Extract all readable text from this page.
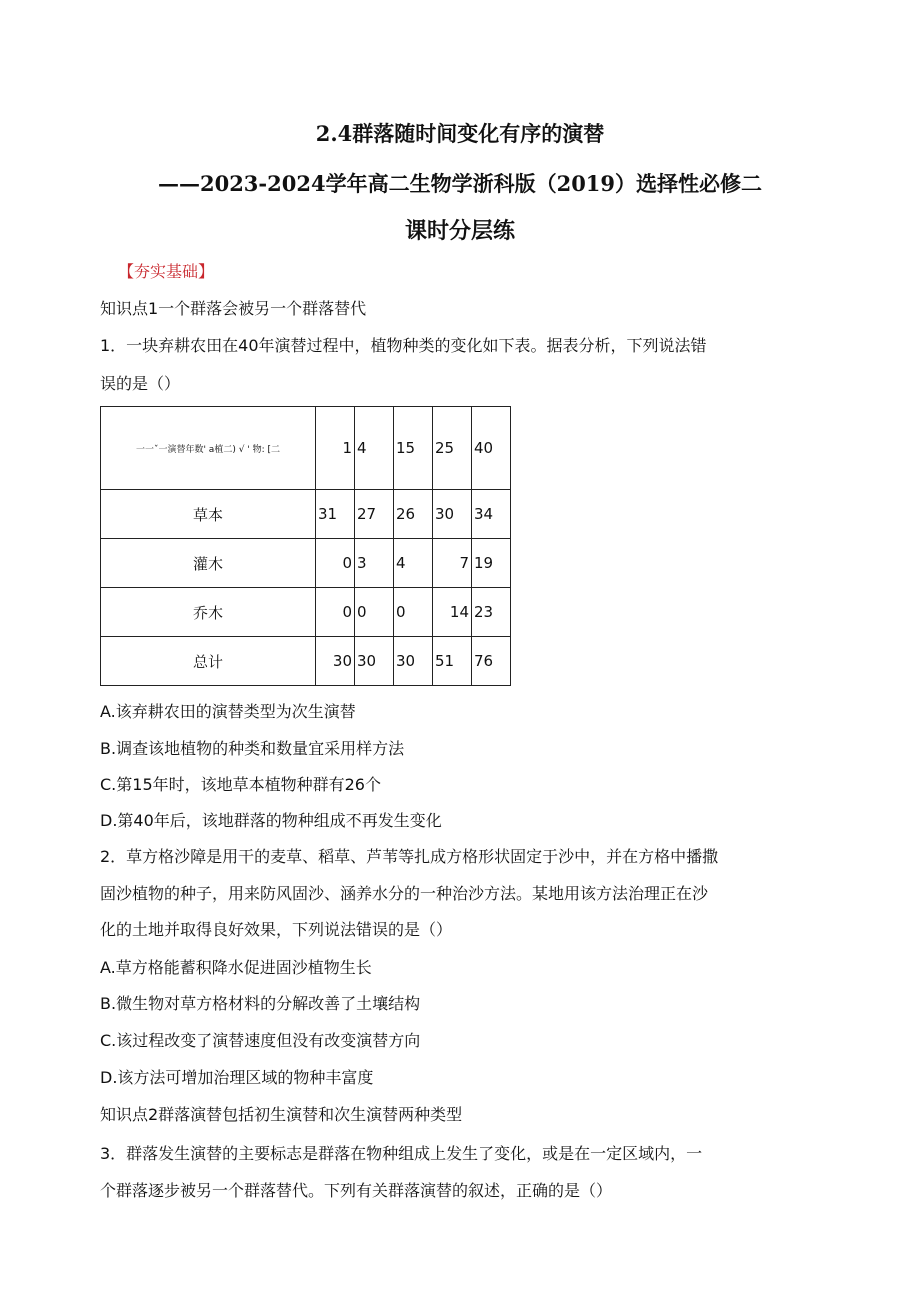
2.4群落随时间变化有序的演替
——2023-2024学年高二生物学浙科版（2019）选择性必修二
课时分层练
【夯实基础】
知识点1一个群落会被另一个群落替代
1．一块弃耕农田在40年演替过程中，植物种类的变化如下表。据表分析，下列说法错
误的是（）
一一ˇ一演替年数' a植二) √ ' 物: [二	1	4	15	25	40
草本	31	27	26	30	34
灌木	0	3	4	7	19
乔木	0	0	0	14	23
总计	30	30	30	51	76
A.该弃耕农田的演替类型为次生演替
B.调查该地植物的种类和数量宜采用样方法
C.第15年时，该地草本植物种群有26个
D.第40年后，该地群落的物种组成不再发生变化
2．草方格沙障是用干的麦草、稻草、芦苇等扎成方格形状固定于沙中，并在方格中播撒
固沙植物的种子，用来防风固沙、涵养水分的一种治沙方法。某地用该方法治理正在沙
化的土地并取得良好效果，下列说法错误的是（）
A.草方格能蓄积降水促进固沙植物生长
B.微生物对草方格材料的分解改善了土壤结构
C.该过程改变了演替速度但没有改变演替方向
D.该方法可增加治理区域的物种丰富度
知识点2群落演替包括初生演替和次生演替两种类型
3．群落发生演替的主要标志是群落在物种组成上发生了变化，或是在一定区域内，一
个群落逐步被另一个群落替代。下列有关群落演替的叙述，正确的是（）
